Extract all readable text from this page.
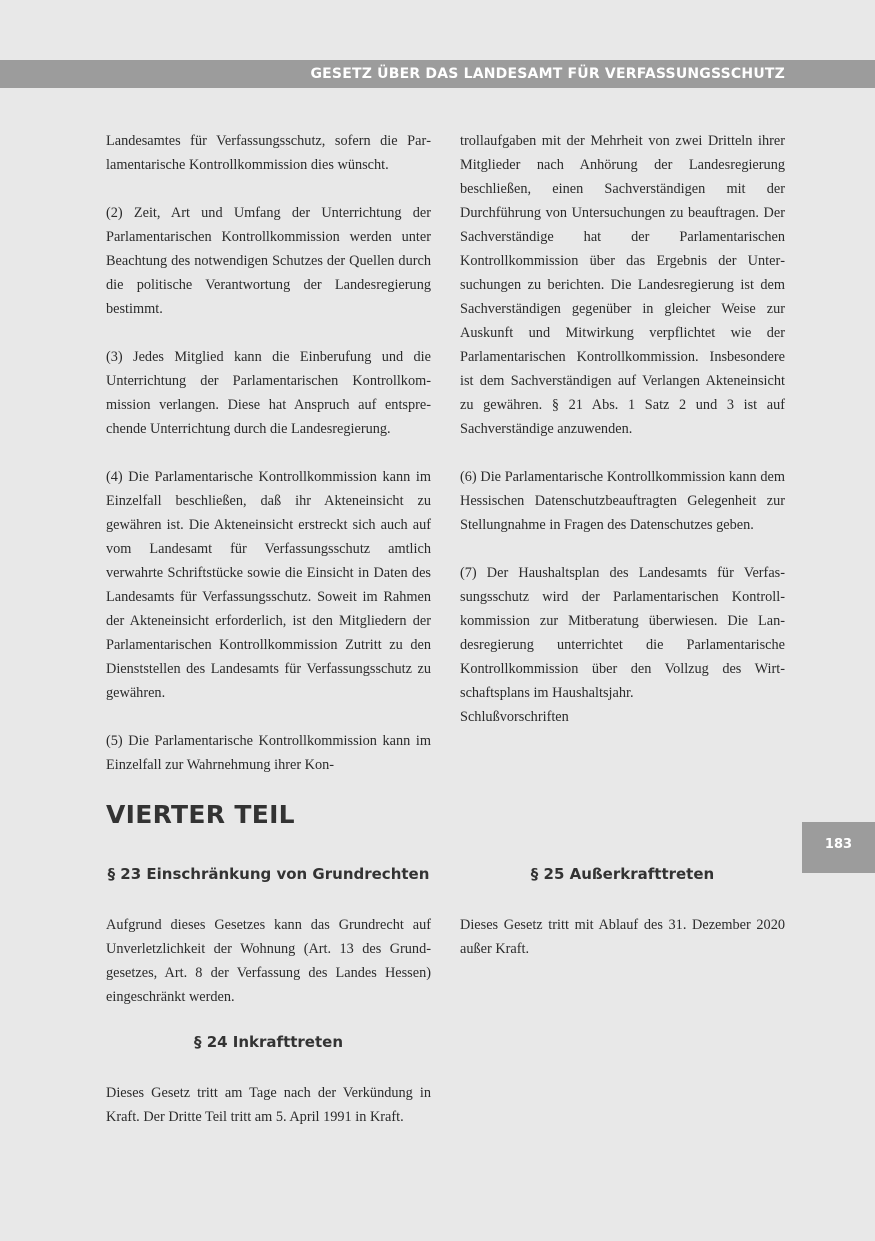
GESETZ ÜBER DAS LANDESAMT FÜR VERFASSUNGSSCHUTZ
183

Landesamtes für Verfassungsschutz, sofern die Parlamentarische Kontrollkommission dies wünscht.

(2) Zeit, Art und Umfang der Unterrichtung der Parlamentarischen Kontrollkommission werden unter Beachtung des notwendigen Schutzes der Quellen durch die politische Verantwortung der Landesregierung bestimmt.

(3) Jedes Mitglied kann die Einberufung und die Unterrichtung der Parlamentarischen Kontrollkommission verlangen. Diese hat Anspruch auf entsprechende Unterrichtung durch die Landesregierung.

(4) Die Parlamentarische Kontrollkommission kann im Einzelfall beschließen, daß ihr Akteneinsicht zu gewähren ist. Die Akteneinsicht erstreckt sich auch auf vom Landesamt für Verfassungsschutz amtlich verwahrte Schriftstücke sowie die Einsicht in Daten des Landesamts für Verfassungsschutz. Soweit im Rahmen der Akteneinsicht erforderlich, ist den Mitgliedern der Parlamentarischen Kontrollkommission Zutritt zu den Dienststellen des Landesamts für Verfassungsschutz zu gewähren.

(5) Die Parlamentarische Kontrollkommission kann im Einzelfall zur Wahrnehmung ihrer Kon-

trollaufgaben mit der Mehrheit von zwei Dritteln ihrer Mitglieder nach Anhörung der Landesregierung beschließen, einen Sachverständigen mit der Durchführung von Untersuchungen zu beauftragen. Der Sachverständige hat der Parlamentarischen Kontrollkommission über das Ergebnis der Untersuchungen zu berichten. Die Landesregierung ist dem Sachverständigen gegenüber in gleicher Weise zur Auskunft und Mitwirkung verpflichtet wie der Parlamentarischen Kontrollkommission. Insbesondere ist dem Sachverständigen auf Verlangen Akteneinsicht zu gewähren. § 21 Abs. 1 Satz 2 und 3 ist auf Sachverständige anzuwenden.

(6) Die Parlamentarische Kontrollkommission kann dem Hessischen Datenschutzbeauftragten Gelegenheit zur Stellungnahme in Fragen des Datenschutzes geben.

(7) Der Haushaltsplan des Landesamts für Verfassungsschutz wird der Parlamentarischen Kontrollkommission zur Mitberatung überwiesen. Die Landesregierung unterrichtet die Parlamentarische Kontrollkommission über den Vollzug des Wirtschaftsplans im Haushaltsjahr.

Schlußvorschriften
VIERTER TEIL
§ 23 Einschränkung von Grundrechten

Aufgrund dieses Gesetzes kann das Grundrecht auf Unverletzlichkeit der Wohnung (Art. 13 des Grundgesetzes, Art. 8 der Verfassung des Landes Hessen) eingeschränkt werden.

§ 24 Inkrafttreten

Dieses Gesetz tritt am Tage nach der Verkündung in Kraft. Der Dritte Teil tritt am 5. April 1991 in Kraft.

§ 25 Außerkrafttreten

Dieses Gesetz tritt mit Ablauf des 31. Dezember 2020 außer Kraft.
